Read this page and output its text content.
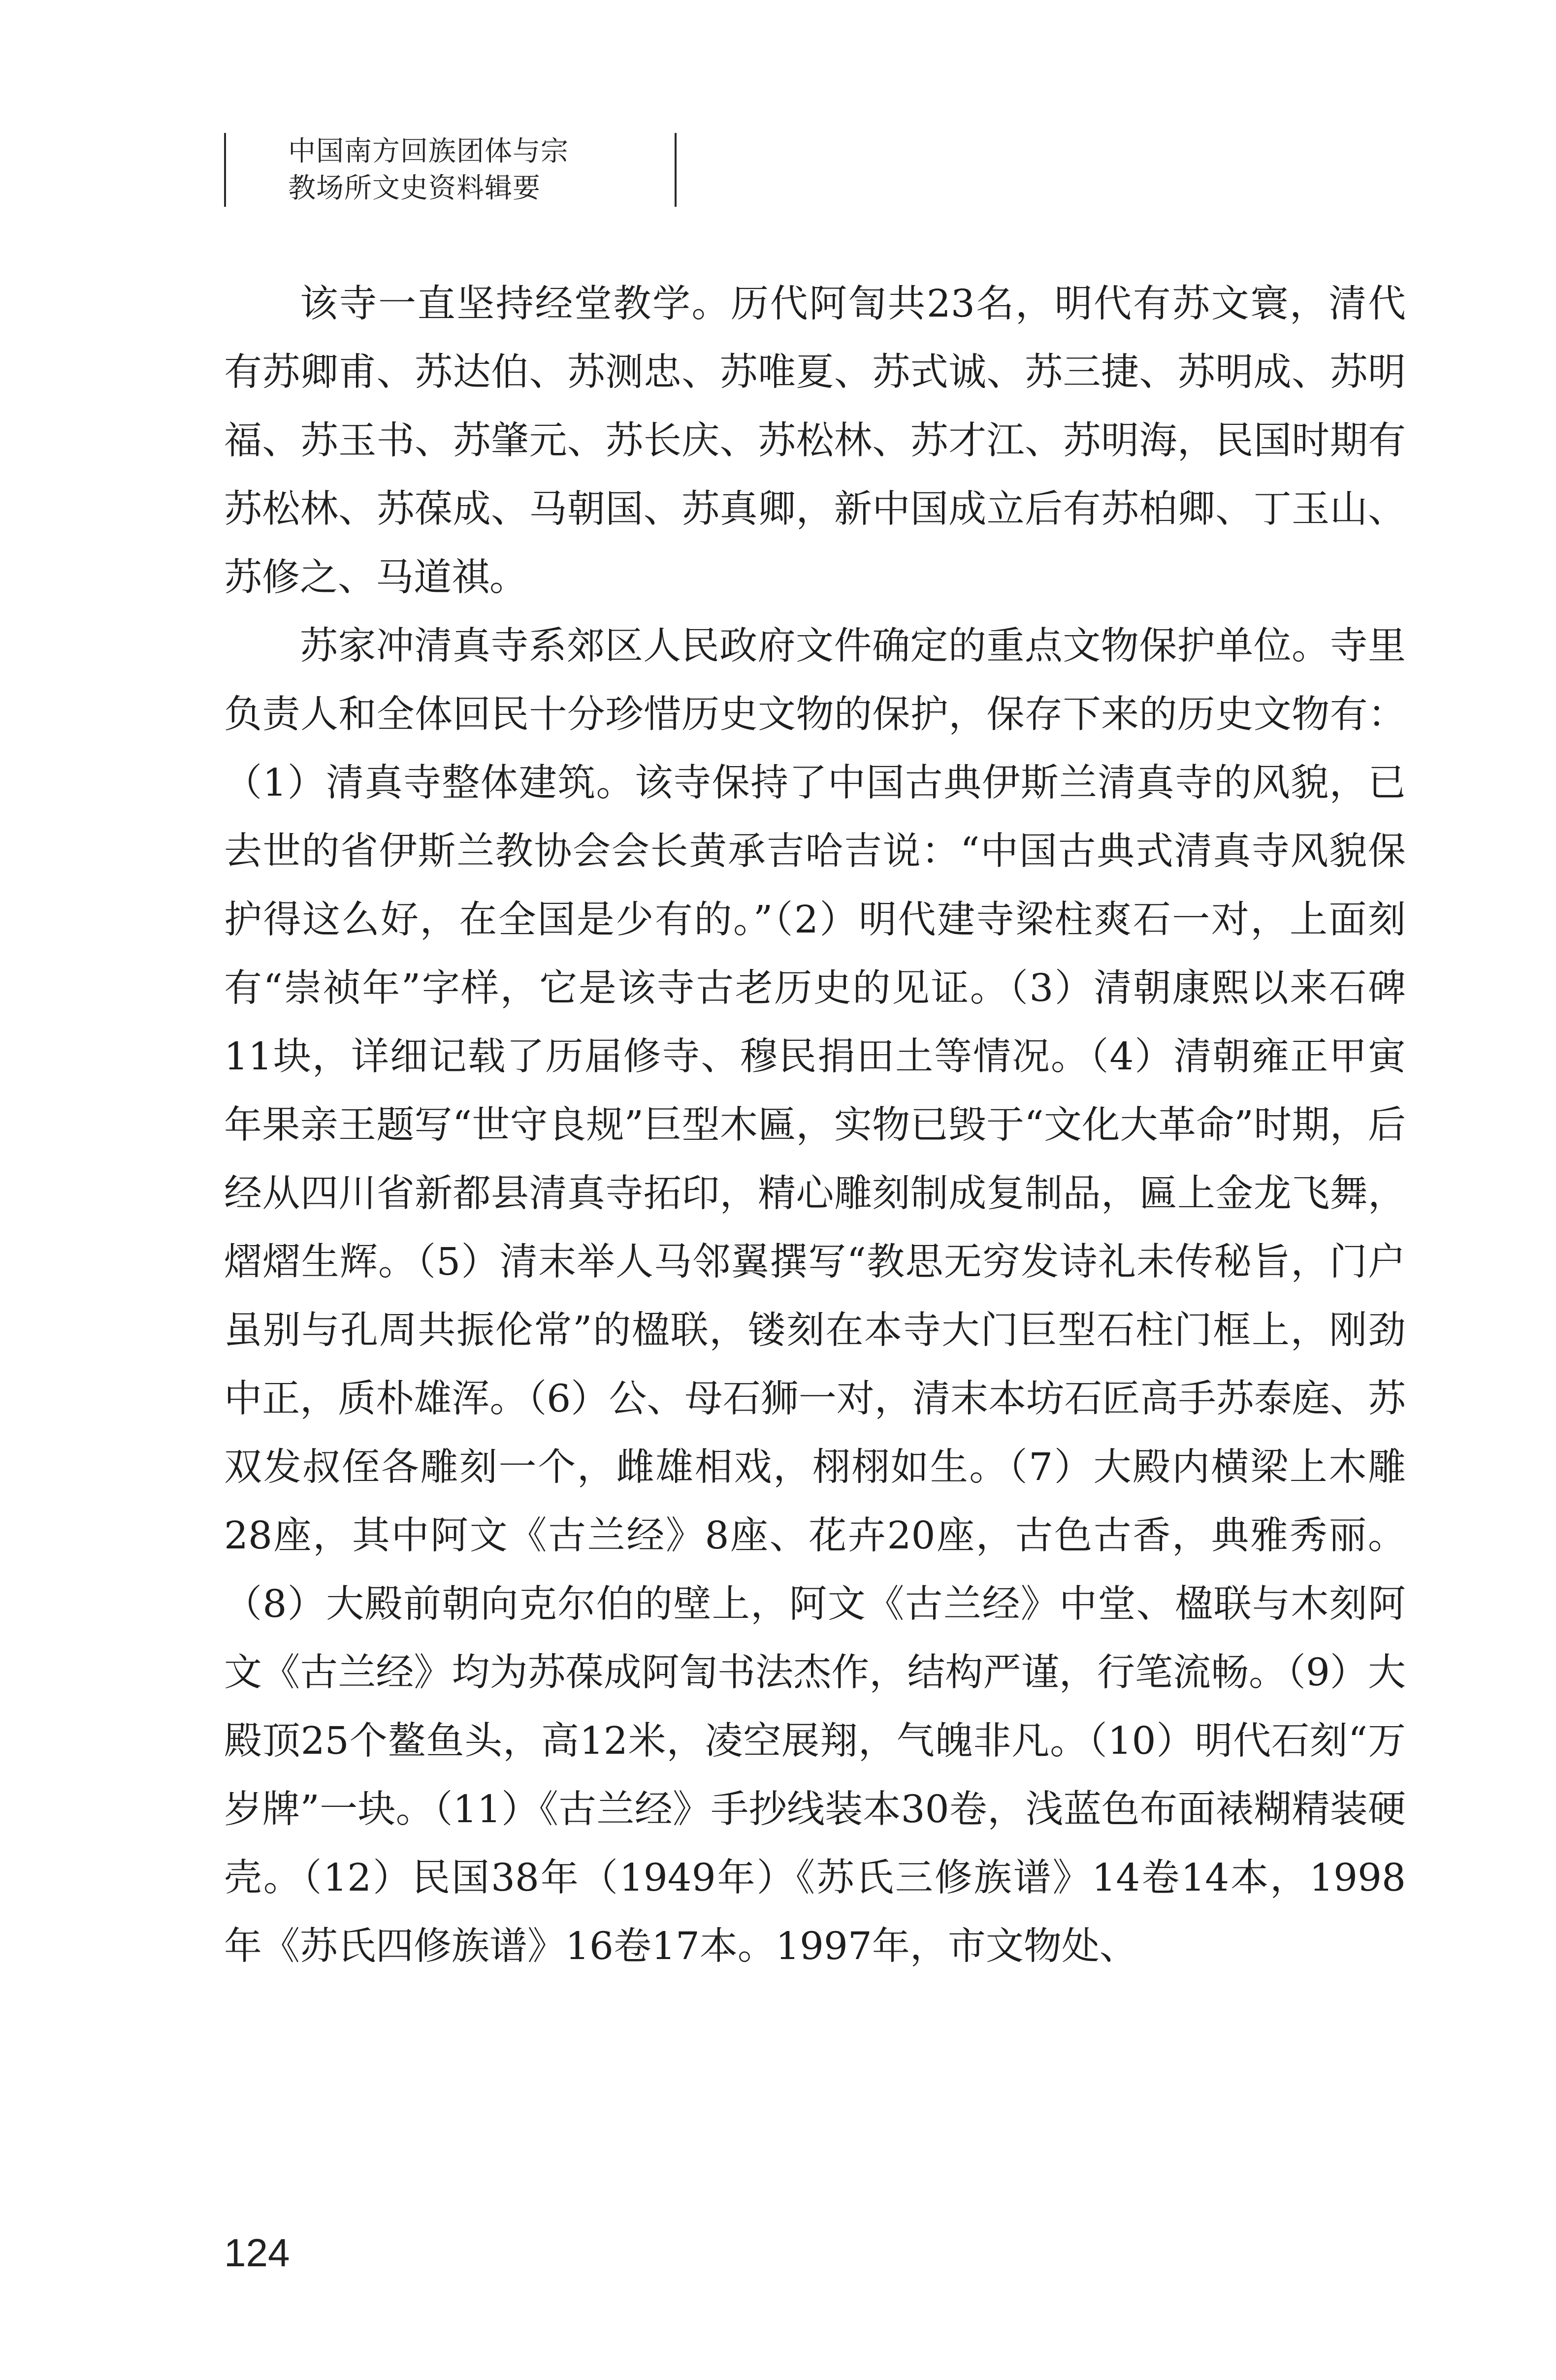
中国南方回族团体与宗
教场所文史资料辑要

该寺一直坚持经堂教学。历代阿訇共23名，明代有苏文寰，清代有苏卿甫、苏达伯、苏测忠、苏唯夏、苏式诚、苏三捷、苏明成、苏明福、苏玉书、苏肇元、苏长庆、苏松林、苏才江、苏明海，民国时期有苏松林、苏葆成、马朝国、苏真卿，新中国成立后有苏柏卿、丁玉山、苏修之、马道祺。

苏家冲清真寺系郊区人民政府文件确定的重点文物保护单位。寺里负责人和全体回民十分珍惜历史文物的保护，保存下来的历史文物有：（1）清真寺整体建筑。该寺保持了中国古典伊斯兰清真寺的风貌，已去世的省伊斯兰教协会会长黄承吉哈吉说：“中国古典式清真寺风貌保护得这么好，在全国是少有的。”（2）明代建寺梁柱爽石一对，上面刻有“崇祯年”字样，它是该寺古老历史的见证。（3）清朝康熙以来石碑11块，详细记载了历届修寺、穆民捐田土等情况。（4）清朝雍正甲寅年果亲王题写“世守良规”巨型木匾，实物已毁于“文化大革命”时期，后经从四川省新都县清真寺拓印，精心雕刻制成复制品，匾上金龙飞舞，熠熠生辉。（5）清末举人马邻翼撰写“教思无穷发诗礼未传秘旨，门户虽别与孔周共振伦常”的楹联，镂刻在本寺大门巨型石柱门框上，刚劲中正，质朴雄浑。（6）公、母石狮一对，清末本坊石匠高手苏泰庭、苏双发叔侄各雕刻一个，雌雄相戏，栩栩如生。（7）大殿内横梁上木雕28座，其中阿文《古兰经》8座、花卉20座，古色古香，典雅秀丽。（8）大殿前朝向克尔伯的壁上，阿文《古兰经》中堂、楹联与木刻阿文《古兰经》均为苏葆成阿訇书法杰作，结构严谨，行笔流畅。（9）大殿顶25个鳌鱼头，高12米，凌空展翔，气魄非凡。（10）明代石刻“万岁牌”一块。（11）《古兰经》手抄线装本30卷，浅蓝色布面裱糊精装硬壳。（12）民国38年（1949年）《苏氏三修族谱》14卷14本，1998年《苏氏四修族谱》16卷17本。1997年，市文物处、

124
